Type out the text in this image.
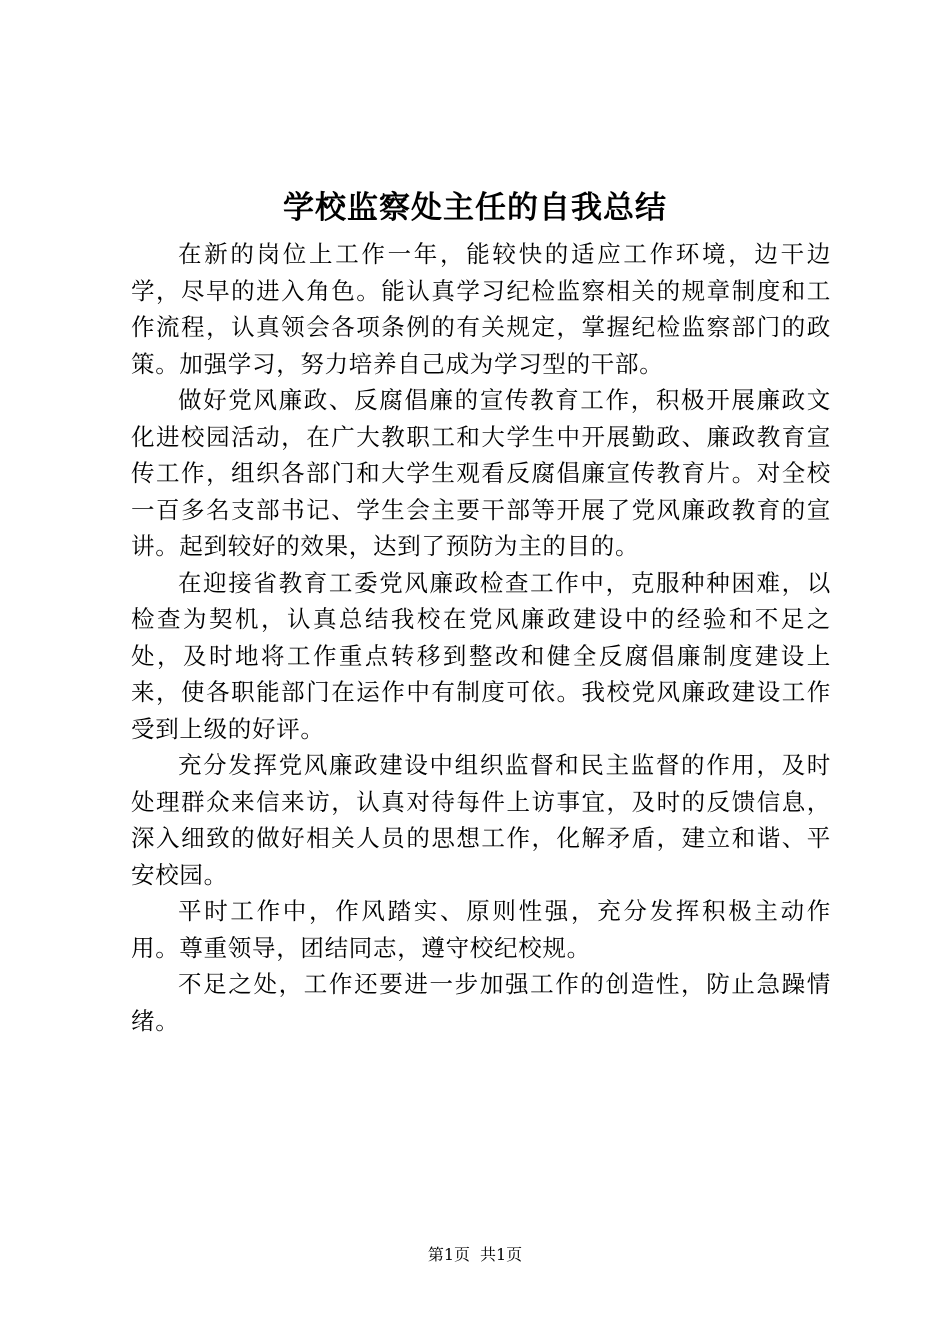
学校监察处主任的自我总结

在新的岗位上工作一年，能较快的适应工作环境，边干边学，尽早的进入角色。能认真学习纪检监察相关的规章制度和工作流程，认真领会各项条例的有关规定，掌握纪检监察部门的政策。加强学习，努力培养自己成为学习型的干部。

做好党风廉政、反腐倡廉的宣传教育工作，积极开展廉政文化进校园活动，在广大教职工和大学生中开展勤政、廉政教育宣传工作，组织各部门和大学生观看反腐倡廉宣传教育片。对全校一百多名支部书记、学生会主要干部等开展了党风廉政教育的宣讲。起到较好的效果，达到了预防为主的目的。

在迎接省教育工委党风廉政检查工作中，克服种种困难，以检查为契机，认真总结我校在党风廉政建设中的经验和不足之处，及时地将工作重点转移到整改和健全反腐倡廉制度建设上来，使各职能部门在运作中有制度可依。我校党风廉政建设工作受到上级的好评。

充分发挥党风廉政建设中组织监督和民主监督的作用，及时处理群众来信来访，认真对待每件上访事宜，及时的反馈信息，深入细致的做好相关人员的思想工作，化解矛盾，建立和谐、平安校园。

平时工作中，作风踏实、原则性强，充分发挥积极主动作用。尊重领导，团结同志，遵守校纪校规。

不足之处，工作还要进一步加强工作的创造性，防止急躁情绪。

第1页 共1页
